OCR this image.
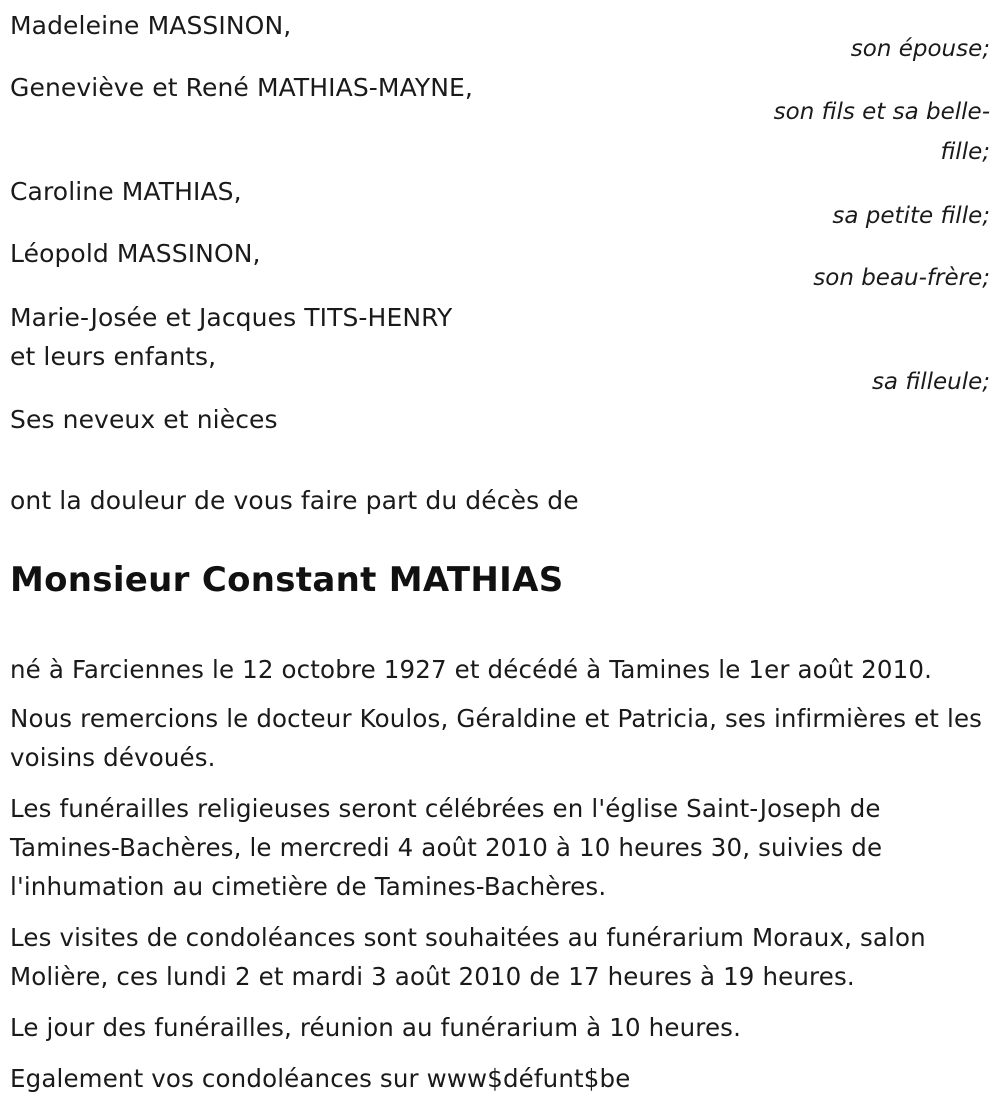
Madeleine MASSINON,

son épouse;

Geneviève et René MATHIAS-MAYNE,

son fils et sa belle-

fille;

Caroline MATHIAS,

sa petite fille;

Léopold MASSINON,

son beau-frère;

Marie-Josée et Jacques TITS-HENRY

et leurs enfants,

sa filleule;

Ses neveux et nièces

ont la douleur de vous faire part du décès de

Monsieur Constant MATHIAS

né à Farciennes le 12 octobre 1927 et décédé à Tamines le 1er août 2010.

Nous remercions le docteur Koulos, Géraldine et Patricia, ses infirmières et les voisins dévoués.

Les funérailles religieuses seront célébrées en l'église Saint-Joseph de Tamines-Bachères, le mercredi 4 août 2010 à 10 heures 30, suivies de l'inhumation au cimetière de Tamines-Bachères.

Les visites de condoléances sont souhaitées au funérarium Moraux, salon Molière, ces lundi 2 et mardi 3 août 2010 de 17 heures à 19 heures.

Le jour des funérailles, réunion au funérarium à 10 heures.

Egalement vos condoléances sur www$défunt$be
